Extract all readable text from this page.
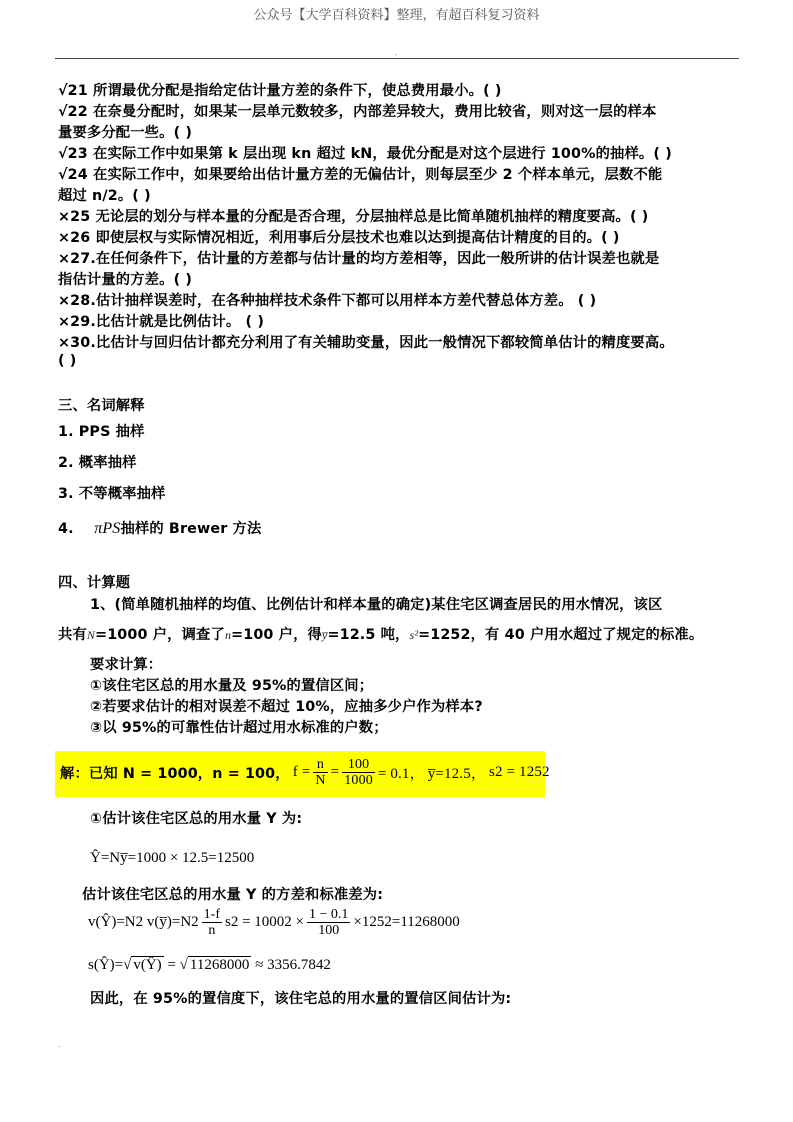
公众号【大学百科资料】整理，有超百科复习资料
.
√21 所谓最优分配是指给定估计量方差的条件下，使总费用最小。( )
√22 在奈曼分配时，如果某一层单元数较多，内部差异较大，费用比较省，则对这一层的样本
量要多分配一些。( )
√23 在实际工作中如果第 k 层出现 kn 超过 kN，最优分配是对这个层进行 100%的抽样。( )
√24 在实际工作中，如果要给出估计量方差的无偏估计，则每层至少 2 个样本单元，层数不能
超过 n/2。( )
×25 无论层的划分与样本量的分配是否合理，分层抽样总是比简单随机抽样的精度要高。( )
×26 即使层权与实际情况相近，利用事后分层技术也难以达到提高估计精度的目的。( )
×27.在任何条件下，估计量的方差都与估计量的均方差相等，因此一般所讲的估计误差也就是
指估计量的方差。( )
×28.估计抽样误差时，在各种抽样技术条件下都可以用样本方差代替总体方差。 ( )
×29.比估计就是比例估计。 ( )
×30.比估计与回归估计都充分利用了有关辅助变量，因此一般情况下都较简单估计的精度要高。
( )
三、名词解释
1. PPS 抽样
2. 概率抽样
3. 不等概率抽样
4. πPS抽样的 Brewer 方法
四、计算题
1、(简单随机抽样的均值、比例估计和样本量的确定)某住宅区调查居民的用水情况，该区
共有N=1000 户，调查了n=100 户，得y̅=12.5 吨，s²=1252，有 40 户用水超过了规定的标准。
要求计算：
①该住宅区总的用水量及 95%的置信区间；
②若要求估计的相对误差不超过 10%，应抽多少户作为样本?
③以 95%的可靠性估计超过用水标准的户数；
解：已知 N = 1000，n = 100， $f = \frac{n}{N} = \frac{100}{1000} = 0.1$， y̅=12.5， s2 = 1252
①估计该住宅区总的用水量 Y 为:
Ŷ=Ny̅=1000 × 12.5=12500
估计该住宅区总的用水量 Y 的方差和标准差为:
v(Ŷ)=N2 v(y̅)=N2 $\frac{1-f}{n} s2 = 10002 \times \frac{1 - 0.1}{100} \times 1252=11268000$
s(Ŷ)=√ v(Ŷ) = √ 11268000 ≈ 3356.7842
因此，在 95%的置信度下，该住宅总的用水量的置信区间估计为:
.
